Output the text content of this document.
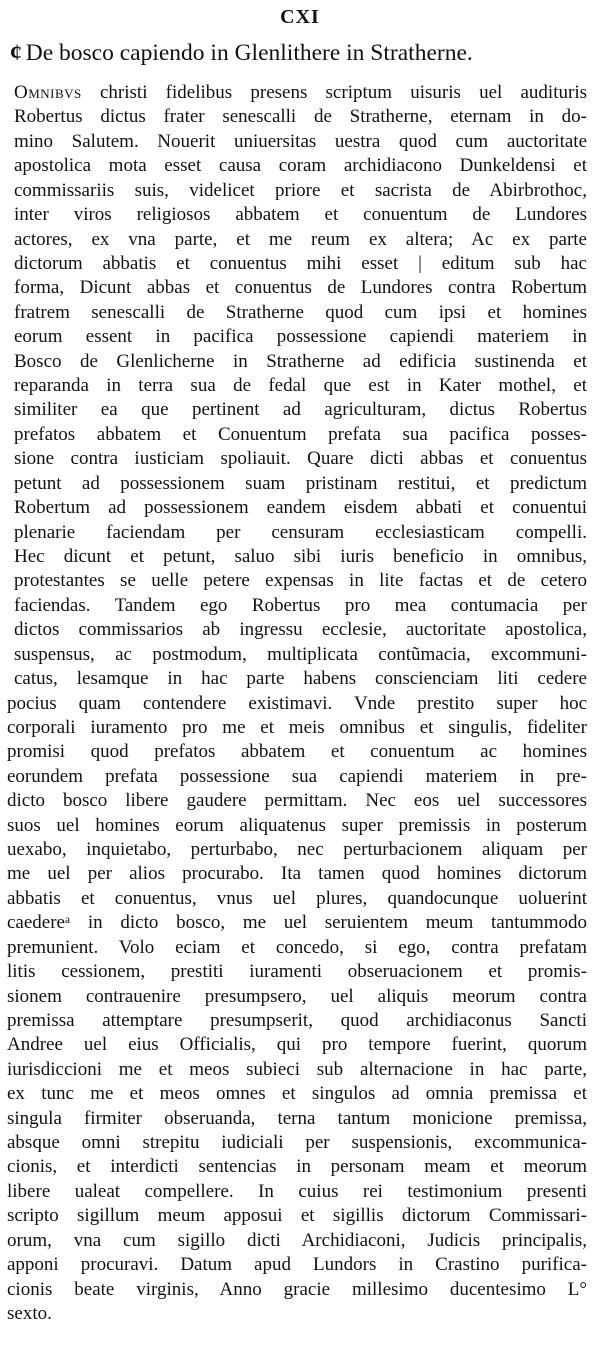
CXI
¢ De bosco capiendo in Glenlithere in Stratherne.
Omnibvs christi fidelibus presens scriptum uisuris uel audituris
Robertus dictus frater senescalli de Stratherne, eternam in do-
mino Salutem. Nouerit uniuersitas uestra quod cum auctoritate
apostolica mota esset causa coram archidiacono Dunkeldensi et
commissariis suis, videlicet priore et sacrista de Abirbrothoc,
inter viros religiosos abbatem et conuentum de Lundores
actores, ex vna parte, et me reum ex altera; Ac ex parte
dictorum abbatis et conuentus mihi esset | editum sub hac
forma, Dicunt abbas et conuentus de Lundores contra Robertum
fratrem senescalli de Stratherne quod cum ipsi et homines
eorum essent in pacifica possessione capiendi materiem in
Bosco de Glenlicherne in Stratherne ad edificia sustinenda et
reparanda in terra sua de fedal que est in Kater mothel, et
similiter ea que pertinent ad agriculturam, dictus Robertus
prefatos abbatem et Conuentum prefata sua pacifica posses-
sione contra iusticiam spoliauit. Quare dicti abbas et conuentus
petunt ad possessionem suam pristinam restitui, et predictum
Robertum ad possessionem eandem eisdem abbati et conuentui
plenarie faciendam per censuram ecclesiasticam compelli.
Hec dicunt et petunt, saluo sibi iuris beneficio in omnibus,
protestantes se uelle petere expensas in lite factas et de cetero
faciendas. Tandem ego Robertus pro mea contumacia per
dictos commissarios ab ingressu ecclesie, auctoritate apostolica,
suspensus, ac postmodum, multiplicata contũmacia, excommuni-
catus, lesamque in hac parte habens conscienciam liti cedere
pocius quam contendere existimavi. Vnde prestito super hoc
corporali iuramento pro me et meis omnibus et singulis, fideliter
promisi quod prefatos abbatem et conuentum ac homines
eorundem prefata possessione sua capiendi materiem in pre-
dicto bosco libere gaudere permittam. Nec eos uel successores
suos uel homines eorum aliquatenus super premissis in posterum
uexabo, inquietabo, perturbabo, nec perturbacionem aliquam per
me uel per alios procurabo. Ita tamen quod homines dictorum
abbatis et conuentus, vnus uel plures, quandocunque uoluerint
caedereᵃ in dicto bosco, me uel seruientem meum tantummodo
premunient. Volo eciam et concedo, si ego, contra prefatam
litis cessionem, prestiti iuramenti obseruacionem et promis-
sionem contrauenire presumpsero, uel aliquis meorum contra
premissa attemptare presumpserit, quod archidiaconus Sancti
Andree uel eius Officialis, qui pro tempore fuerint, quorum
iurisdiccioni me et meos subieci sub alternacione in hac parte,
ex tunc me et meos omnes et singulos ad omnia premissa et
singula firmiter obseruanda, terna tantum monicione premissa,
absque omni strepitu iudiciali per suspensionis, excommunica-
cionis, et interdicti sentencias in personam meam et meorum
libere ualeat compellere. In cuius rei testimonium presenti
scripto sigillum meum apposui et sigillis dictorum Commissari-
orum, vna cum sigillo dicti Archidiaconi, Judicis principalis,
apponi procuravi. Datum apud Lundors in Crastino purifica-
cionis beate virginis, Anno gracie millesimo ducentesimo L°
sexto.
